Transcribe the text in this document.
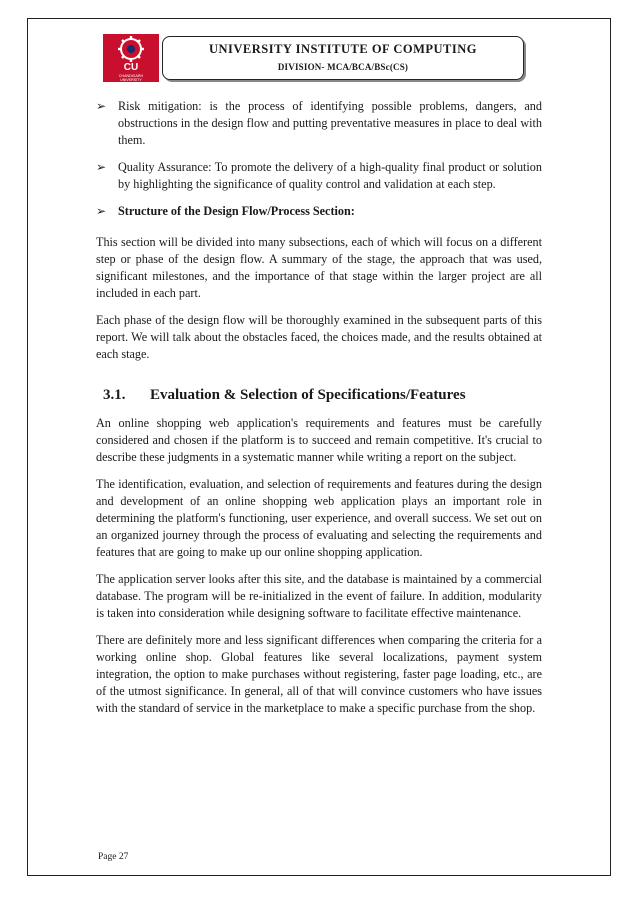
CU
CHANDIGARH
UNIVERSITY
UNIVERSITY INSTITUTE OF COMPUTING
DIVISION- MCA/BCA/BSc(CS)
➢ Risk mitigation: is the process of identifying possible problems, dangers, and obstructions in the design flow and putting preventative measures in place to deal with them.
➢ Quality Assurance: To promote the delivery of a high-quality final product or solution by highlighting the significance of quality control and validation at each step.
➢ Structure of the Design Flow/Process Section:

This section will be divided into many subsections, each of which will focus on a different step or phase of the design flow. A summary of the stage, the approach that was used, significant milestones, and the importance of that stage within the larger project are all included in each part.

Each phase of the design flow will be thoroughly examined in the subsequent parts of this report. We will talk about the obstacles faced, the choices made, and the results obtained at each stage.

3.1.	Evaluation & Selection of Specifications/Features

An online shopping web application's requirements and features must be carefully considered and chosen if the platform is to succeed and remain competitive. It's crucial to describe these judgments in a systematic manner while writing a report on the subject.

The identification, evaluation, and selection of requirements and features during the design and development of an online shopping web application plays an important role in determining the platform's functioning, user experience, and overall success. We set out on an organized journey through the process of evaluating and selecting the requirements and features that are going to make up our online shopping application.

The application server looks after this site, and the database is maintained by a commercial database. The program will be re-initialized in the event of failure. In addition, modularity is taken into consideration while designing software to facilitate effective maintenance.

There are definitely more and less significant differences when comparing the criteria for a working online shop. Global features like several localizations, payment system integration, the option to make purchases without registering, faster page loading, etc., are of the utmost significance. In general, all of that will convince customers who have issues with the standard of service in the marketplace to make a specific purchase from the shop.

Page 27
